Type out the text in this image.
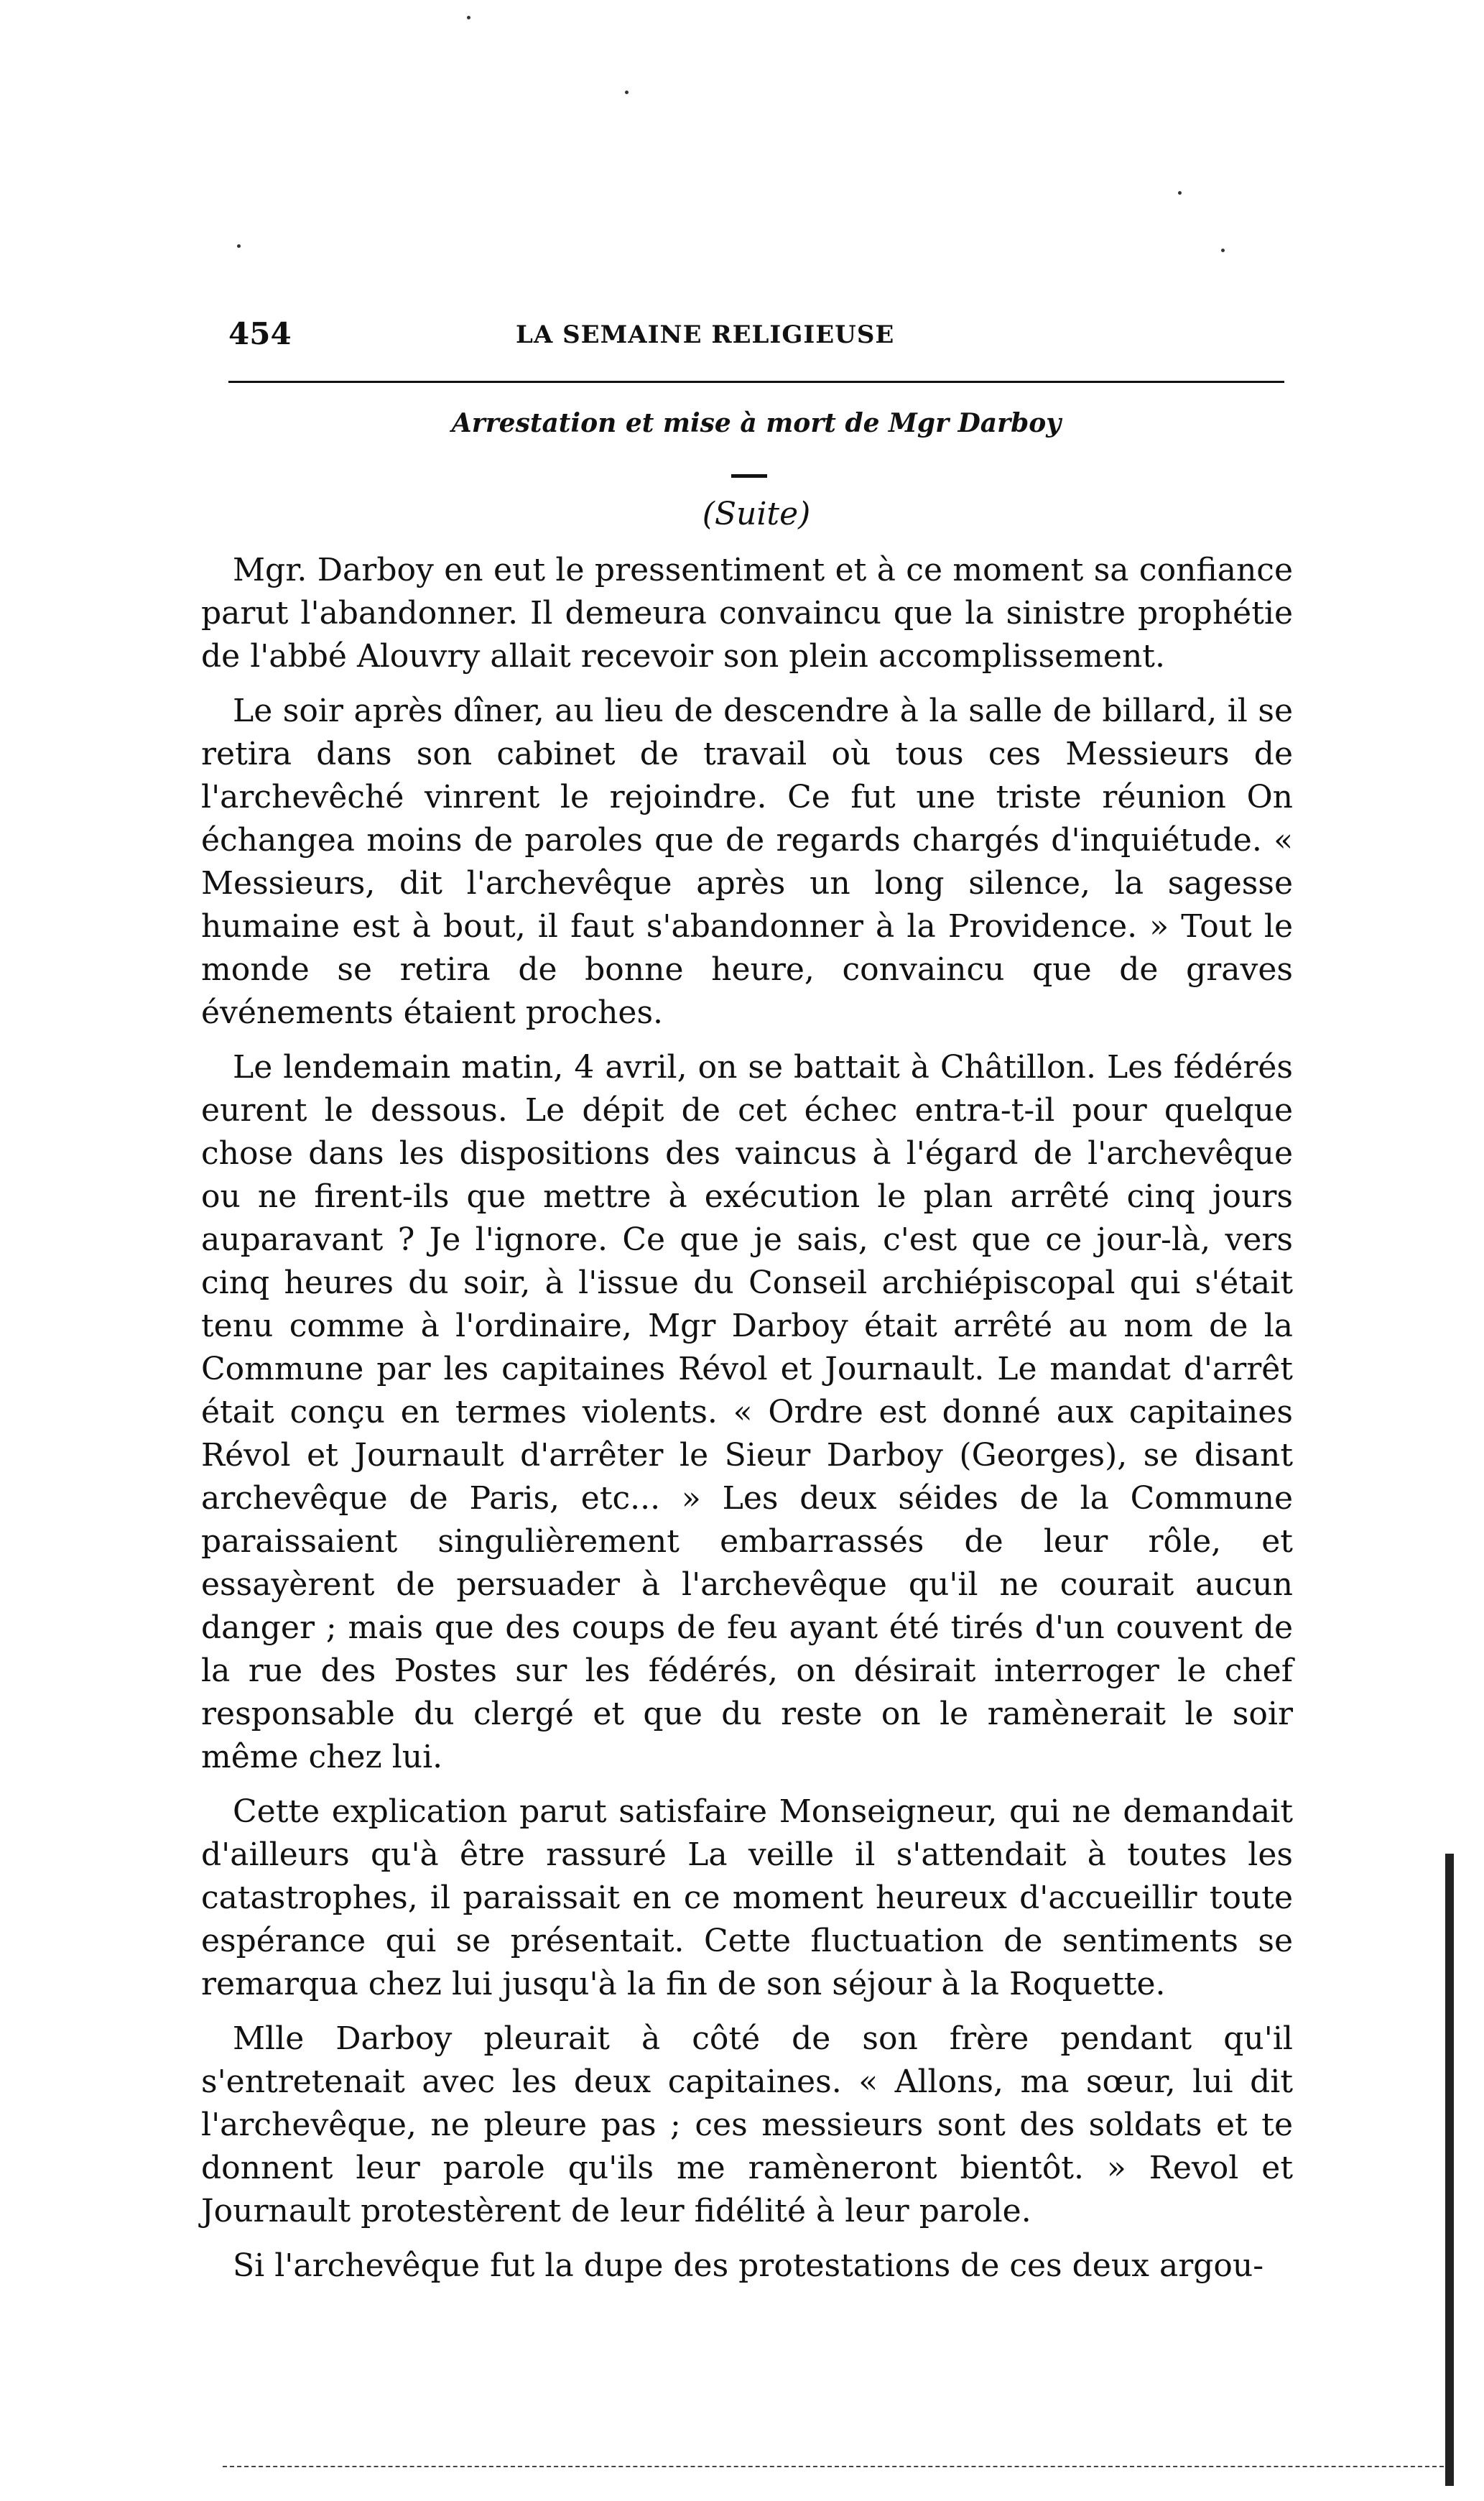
454	LA SEMAINE RELIGIEUSE
Arrestation et mise à mort de Mgr Darboy
(Suite)

Mgr. Darboy en eut le pressentiment et à ce moment sa confiance parut l'abandonner. Il demeura convaincu que la sinistre prophétie de l'abbé Alouvry allait recevoir son plein accomplissement.

Le soir après dîner, au lieu de descendre à la salle de billard, il se retira dans son cabinet de travail où tous ces Messieurs de l'archevêché vinrent le rejoindre. Ce fut une triste réunion On échangea moins de paroles que de regards chargés d'inquiétude. « Messieurs, dit l'archevêque après un long silence, la sagesse humaine est à bout, il faut s'abandonner à la Providence. » Tout le monde se retira de bonne heure, convaincu que de graves événements étaient proches.

Le lendemain matin, 4 avril, on se battait à Châtillon. Les fédérés eurent le dessous. Le dépit de cet échec entra-t-il pour quelque chose dans les dispositions des vaincus à l'égard de l'archevêque ou ne firent-ils que mettre à exécution le plan arrêté cinq jours auparavant ? Je l'ignore. Ce que je sais, c'est que ce jour-là, vers cinq heures du soir, à l'issue du Conseil archiépiscopal qui s'était tenu comme à l'ordinaire, Mgr Darboy était arrêté au nom de la Commune par les capitaines Révol et Journault. Le mandat d'arrêt était conçu en termes violents. « Ordre est donné aux capitaines Révol et Journault d'arrêter le Sieur Darboy (Georges), se disant archevêque de Paris, etc... » Les deux séides de la Commune paraissaient singulièrement embarrassés de leur rôle, et essayèrent de persuader à l'archevêque qu'il ne courait aucun danger ; mais que des coups de feu ayant été tirés d'un couvent de la rue des Postes sur les fédérés, on désirait interroger le chef responsable du clergé et que du reste on le ramènerait le soir même chez lui.

Cette explication parut satisfaire Monseigneur, qui ne demandait d'ailleurs qu'à être rassuré La veille il s'attendait à toutes les catastrophes, il paraissait en ce moment heureux d'accueillir toute espérance qui se présentait. Cette fluctuation de sentiments se remarqua chez lui jusqu'à la fin de son séjour à la Roquette.

Mlle Darboy pleurait à côté de son frère pendant qu'il s'entretenait avec les deux capitaines. « Allons, ma sœur, lui dit l'archevêque, ne pleure pas ; ces messieurs sont des soldats et te donnent leur parole qu'ils me ramèneront bientôt. » Revol et Journault protestèrent de leur fidélité à leur parole.

Si l'archevêque fut la dupe des protestations de ces deux argou-
